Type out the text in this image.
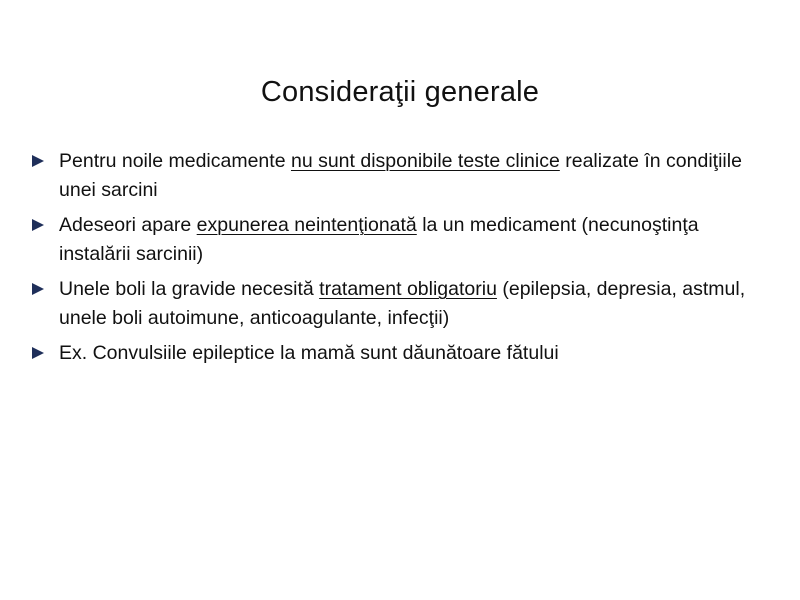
Consideraţii generale
Pentru noile medicamente nu sunt disponibile teste clinice realizate în condiţiile unei sarcini
Adeseori apare expunerea neintenţionată la un medicament (necunoştinţa instalării sarcinii)
Unele boli la gravide necesită tratament obligatoriu (epilepsia, depresia, astmul, unele boli autoimune, anticoagulante, infecţii)
Ex. Convulsiile epileptice la mamă sunt dăunătoare fătului
